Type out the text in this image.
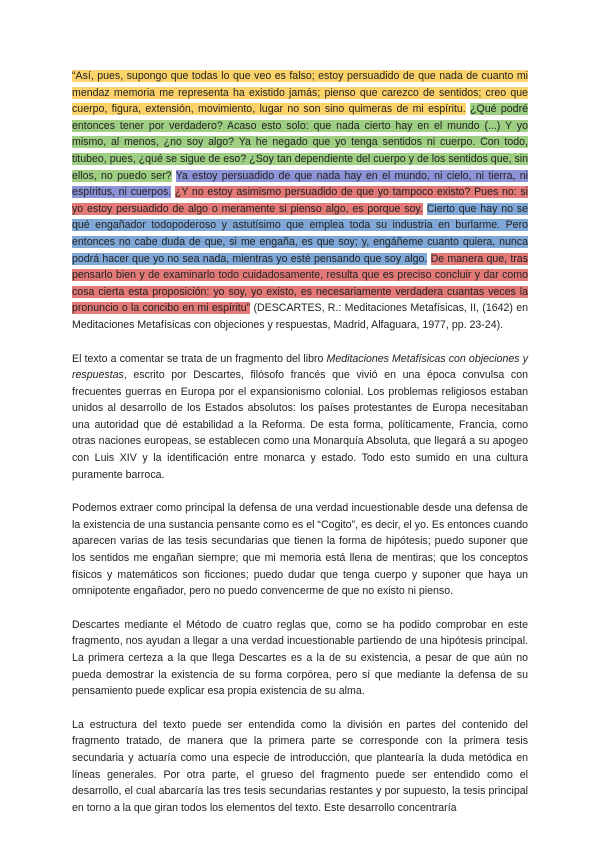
“Así, pues, supongo que todas lo que veo es falso; estoy persuadido de que nada de cuanto mi mendaz memoria me representa ha existido jamás; pienso que carezco de sentidos; creo que cuerpo, figura, extensión, movimiento, lugar no son sino quimeras de mi espíritu. ¿Qué podré entonces tener por verdadero? Acaso esto solo: que nada cierto hay en el mundo (...) Y yo mismo, al menos, ¿no soy algo? Ya he negado que yo tenga sentidos ni cuerpo. Con todo, titubeo, pues, ¿qué se sigue de eso? ¿Soy tan dependiente del cuerpo y de los sentidos que, sin ellos, no puedo ser? Ya estoy persuadido de que nada hay en el mundo, ni cielo, ni tierra, ni espíritus, ni cuerpos. ¿Y no estoy asimismo persuadido de que yo tampoco existo? Pues no: si yo estoy persuadido de algo o meramente si pienso algo, es porque soy. Cierto que hay no se qué engañador todopoderoso y astutísimo que emplea toda su industria en burlarme. Pero entonces no cabe duda de que, si me engaña, es que soy; y, engáñeme cuanto quiera, nunca podrá hacer que yo no sea nada, mientras yo esté pensando que soy algo. De manera que, tras pensarlo bien y de examinarlo todo cuidadosamente, resulta que es preciso concluir y dar como cosa cierta esta proposición: yo soy, yo existo, es necesariamente verdadera cuantas veces la pronuncio o la concibo en mi espíritu” (DESCARTES, R.: Meditaciones Metafísicas, II, (1642) en Meditaciones Metafísicas con objeciones y respuestas, Madrid, Alfaguara, 1977, pp. 23-24).

El texto a comentar se trata de un fragmento del libro Meditaciones Metafísicas con objeciones y respuestas, escrito por Descartes, filósofo francés que vivió en una época convulsa con frecuentes guerras en Europa por el expansionismo colonial. Los problemas religiosos estaban unidos al desarrollo de los Estados absolutos: los países protestantes de Europa necesitaban una autoridad que dé estabilidad a la Reforma. De esta forma, políticamente, Francia, como otras naciones europeas, se establecen como una Monarquía Absoluta, que llegará a su apogeo con Luis XIV y la identificación entre monarca y estado. Todo esto sumido en una cultura puramente barroca.

Podemos extraer como principal la defensa de una verdad incuestionable desde una defensa de la existencia de una sustancia pensante como es el “Cogito”, es decir, el yo. Es entonces cuando aparecen varias de las tesis secundarias que tienen la forma de hipótesis; puedo suponer que los sentidos me engañan siempre; que mi memoria está llena de mentiras; que los conceptos físicos y matemáticos son ficciones; puedo dudar que tenga cuerpo y suponer que haya un omnipotente engañador, pero no puedo convencerme de que no existo ni pienso.

Descartes mediante el Método de cuatro reglas que, como se ha podido comprobar en este fragmento, nos ayudan a llegar a una verdad incuestionable partiendo de una hipótesis principal. La primera certeza a la que llega Descartes es a la de su existencia, a pesar de que aún no pueda demostrar la existencia de su forma corpórea, pero sí que mediante la defensa de su pensamiento puede explicar esa propia existencia de su alma.

La estructura del texto puede ser entendida como la división en partes del contenido del fragmento tratado, de manera que la primera parte se corresponde con la primera tesis secundaria y actuaría como una especie de introducción, que plantearía la duda metódica en líneas generales. Por otra parte, el grueso del fragmento puede ser entendido como el desarrollo, el cual abarcaría las tres tesis secundarias restantes y por supuesto, la tesis principal en torno a la que giran todos los elementos del texto. Este desarrollo concentraría
